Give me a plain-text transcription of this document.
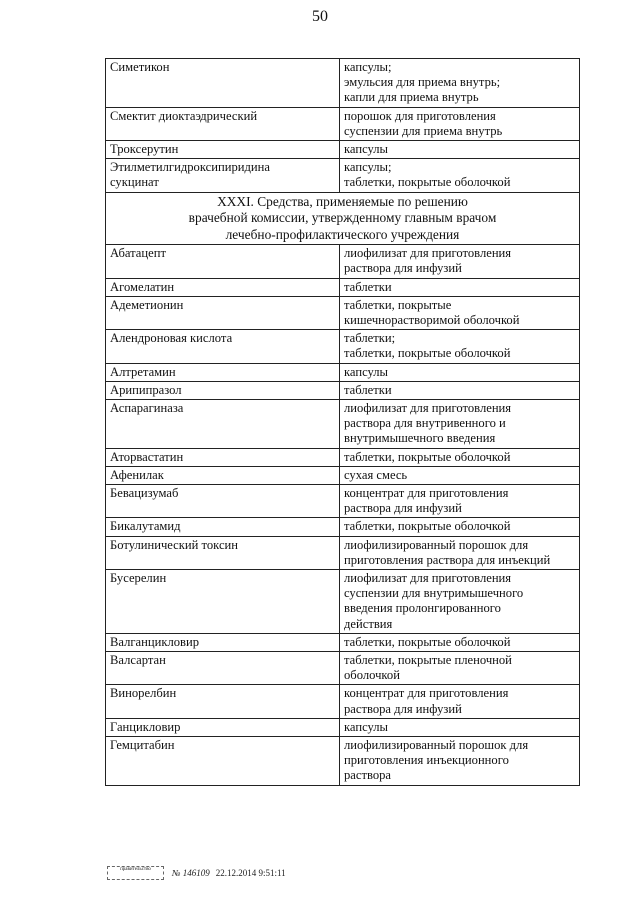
50
Симетикон	капсулы;
эмульсия для приема внутрь;
капли для приема внутрь

Смектит диоктаэдрический	порошок для приготовления
суспензии для приема внутрь

Троксерутин	капсулы

Этилметилгидроксипиридина
сукцинат	капсулы;
таблетки, покрытые оболочкой

XXXI. Средства, применяемые по решению
врачебной комиссии, утвержденному главным врачом
лечебно-профилактического учреждения	

Абатацепт	лиофилизат для приготовления
раствора для инфузий

Агомелатин	таблетки

Адеметионин	таблетки, покрытые
кишечнорастворимой оболочкой

Алендроновая кислота	таблетки;
таблетки, покрытые оболочкой

Алтретамин	капсулы

Арипипразол	таблетки

Аспарагиназа	лиофилизат для приготовления
раствора для внутривенного и
внутримышечного введения

Аторвастатин	таблетки, покрытые оболочкой

Афенилак	сухая смесь

Бевацизумаб	концентрат для приготовления
раствора для инфузий

Бикалутамид	таблетки, покрытые оболочкой

Ботулинический токсин	лиофилизированный порошок для
приготовления раствора для инъекций

Бусерелин	лиофилизат для приготовления
суспензии для внутримышечного
введения пролонгированного
действия

Валганцикловир	таблетки, покрытые оболочкой

Валсартан	таблетки, покрытые пленочной
оболочкой

Винорелбин	концентрат для приготовления
раствора для инфузий

Ганцикловир	капсулы

Гемцитабин	лиофилизированный порошок для
приготовления инъекционного
раствора
правительство	№ 146109 22.12.2014 9:51:11
